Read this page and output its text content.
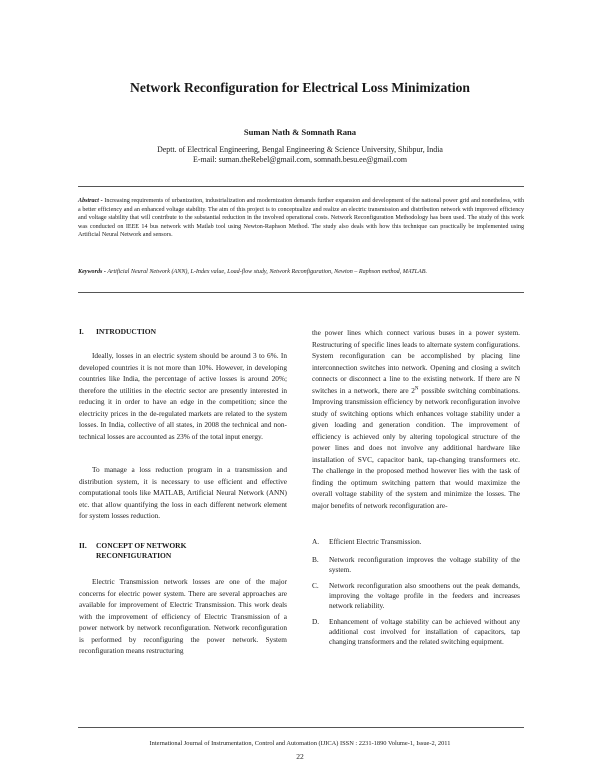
Network Reconfiguration for Electrical Loss Minimization
Suman Nath & Somnath Rana
Deptt. of Electrical Engineering, Bengal Engineering & Science University, Shibpur, India
E-mail: suman.theRebel@gmail.com, somnath.besu.ee@gmail.com
Abstract - Increasing requirements of urbanization, industrialization and modernization demands further expansion and development of the national power grid and nonetheless, with a better efficiency and an enhanced voltage stability. The aim of this project is to conceptualize and realize an electric transmission and distribution network with improved efficiency and voltage stability that will contribute to the substantial reduction in the involved operational costs. Network Reconfiguration Methodology has been used. The study of this work was conducted on IEEE 14 bus network with Matlab tool using Newton-Raphson Method. The study also deals with how this technique can practically be implemented using Artificial Neural Network and sensors.
Keywords - Artificial Neural Network (ANN), L-Index value, Load-flow study, Network Reconfiguration, Newton – Raphson method, MATLAB.
I. INTRODUCTION
Ideally, losses in an electric system should be around 3 to 6%. In developed countries it is not more than 10%. However, in developing countries like India, the percentage of active losses is around 20%; therefore the utilities in the electric sector are presently interested in reducing it in order to have an edge in the competition; since the electricity prices in the de-regulated markets are related to the system losses. In India, collective of all states, in 2008 the technical and non- technical losses are accounted as 23% of the total input energy.
To manage a loss reduction program in a transmission and distribution system, it is necessary to use efficient and effective computational tools like MATLAB, Artificial Neural Network (ANN) etc. that allow quantifying the loss in each different network element for system losses reduction.
II. CONCEPT OF NETWORK
RECONFIGURATION
Electric Transmission network losses are one of the major concerns for electric power system. There are several approaches are available for improvement of Electric Transmission. This work deals with the improvement of efficiency of Electric Transmission of a power network by network reconfiguration. Network reconfiguration is performed by reconfiguring the power network. System reconfiguration means restructuring
the power lines which connect various buses in a power system. Restructuring of specific lines leads to alternate system configurations. System reconfiguration can be accomplished by placing line interconnection switches into network. Opening and closing a switch connects or disconnect a line to the existing network. If there are N switches in a network, there are $2^N$ possible switching combinations. Improving transmission efficiency by network reconfiguration involve study of switching options which enhances voltage stability under a given loading and generation condition. The improvement of efficiency is achieved only by altering topological structure of the power lines and does not involve any additional hardware like installation of SVC, capacitor bank, tap-changing transformers etc. The challenge in the proposed method however lies with the task of finding the optimum switching pattern that would maximize the overall voltage stability of the system and minimize the losses. The major benefits of network reconfiguration are-
A. Efficient Electric Transmission.
B. Network reconfiguration improves the voltage stability of the system.
C. Network reconfiguration also smoothens out the peak demands, improving the voltage profile in the feeders and increases network reliability.
D. Enhancement of voltage stability can be achieved without any additional cost involved for installation of capacitors, tap changing transformers and the related switching equipment.
International Journal of Instrumentation, Control and Automation (IJICA) ISSN : 2231-1890 Volume-1, Issue-2, 2011
22
